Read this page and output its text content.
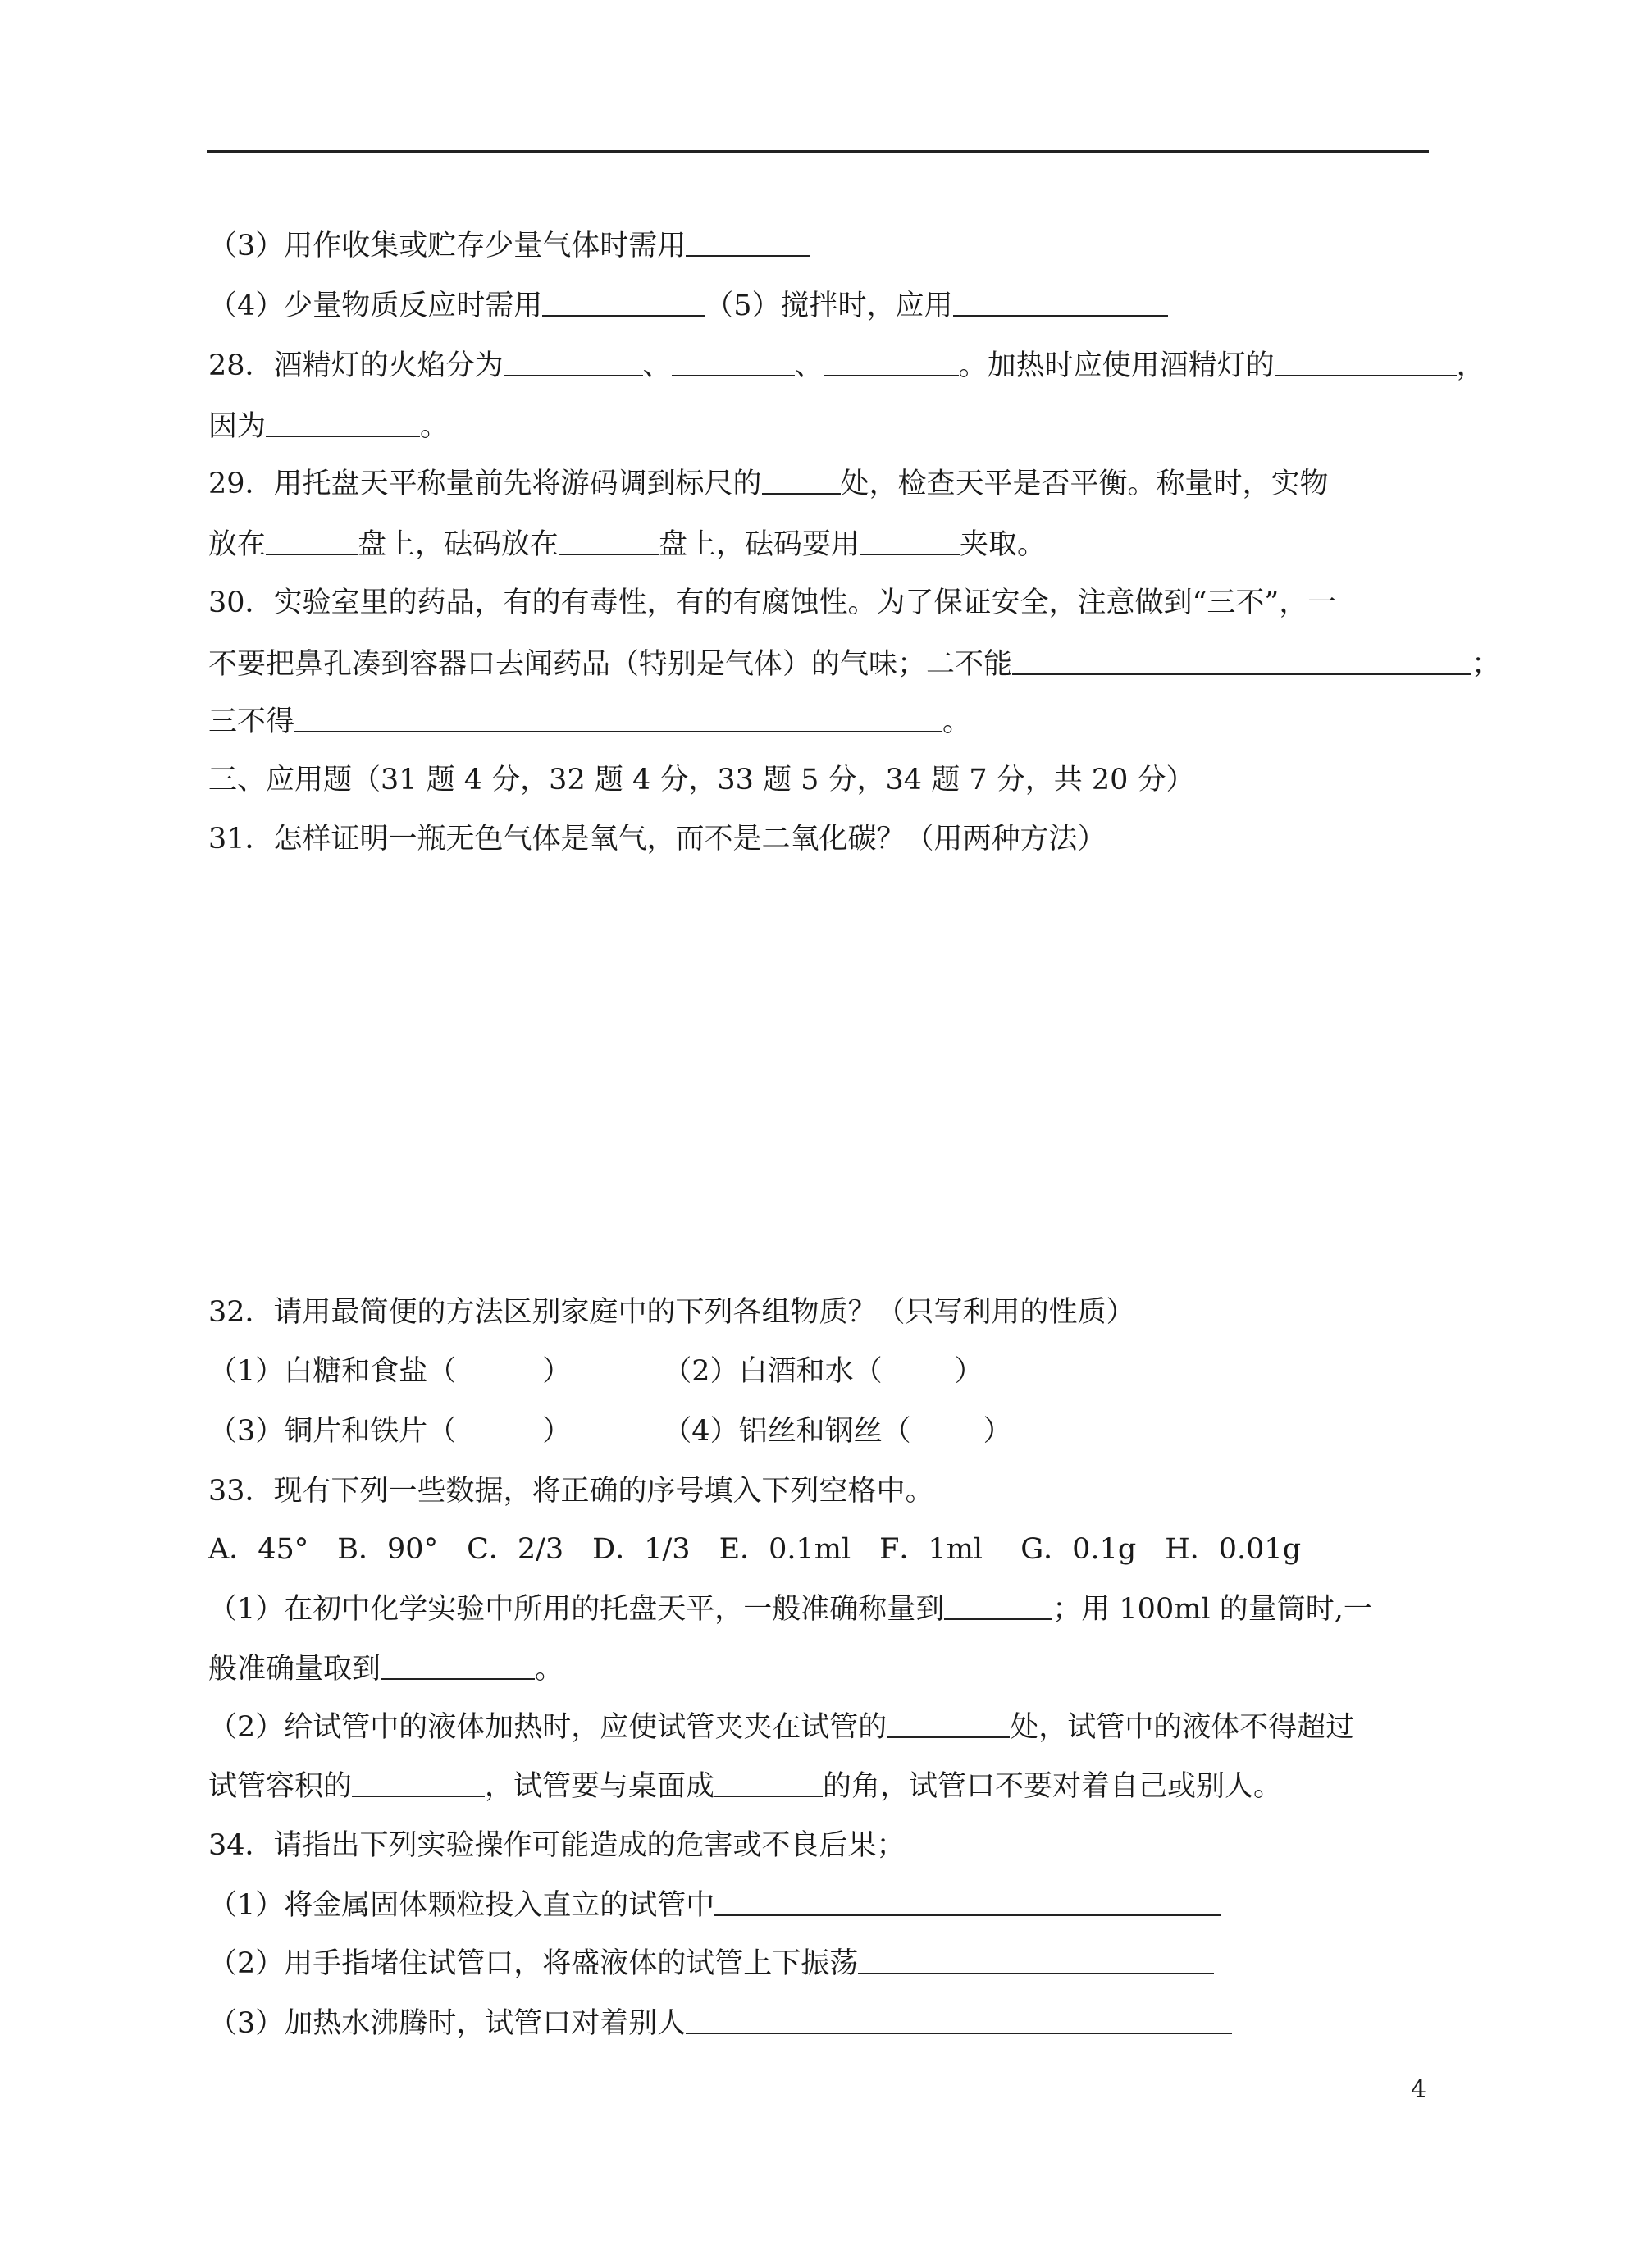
（3）用作收集或贮存少量气体时需用
（4）少量物质反应时需用	（5）搅拌时，应用
28．酒精灯的火焰分为	、	、	。加热时应使用酒精灯的	，
因为	。
29．用托盘天平称量前先将游码调到标尺的	处，检查天平是否平衡。称量时，实物
放在	盘上，砝码放在	盘上，砝码要用	夹取。
30．实验室里的药品，有的有毒性，有的有腐蚀性。为了保证安全，注意做到“三不”，一
不要把鼻孔凑到容器口去闻药品（特别是气体）的气味；二不能	；
三不得	。
三、应用题（31 题 4 分，32 题 4 分，33 题 5 分，34 题 7 分，共 20 分）
31．怎样证明一瓶无色气体是氧气，而不是二氧化碳？（用两种方法）
32．请用最简便的方法区别家庭中的下列各组物质？（只写利用的性质）
（1）白糖和食盐（	）	（2）白酒和水（	）
（3）铜片和铁片（	）	（4）铝丝和钢丝（	）
33．现有下列一些数据，将正确的序号填入下列空格中。
A．45°　B．90°　C．2/3　D．1/3　E．0.1ml　F．1ml　 G．0.1g　H．0.01g
（1）在初中化学实验中所用的托盘天平，一般准确称量到	；用 100ml 的量筒时,一
般准确量取到	。
（2）给试管中的液体加热时，应使试管夹夹在试管的	处，试管中的液体不得超过
试管容积的	，试管要与桌面成	的角，试管口不要对着自己或别人。
34．请指出下列实验操作可能造成的危害或不良后果；
（1）将金属固体颗粒投入直立的试管中
（2）用手指堵住试管口，将盛液体的试管上下振荡
（3）加热水沸腾时，试管口对着别人
4
